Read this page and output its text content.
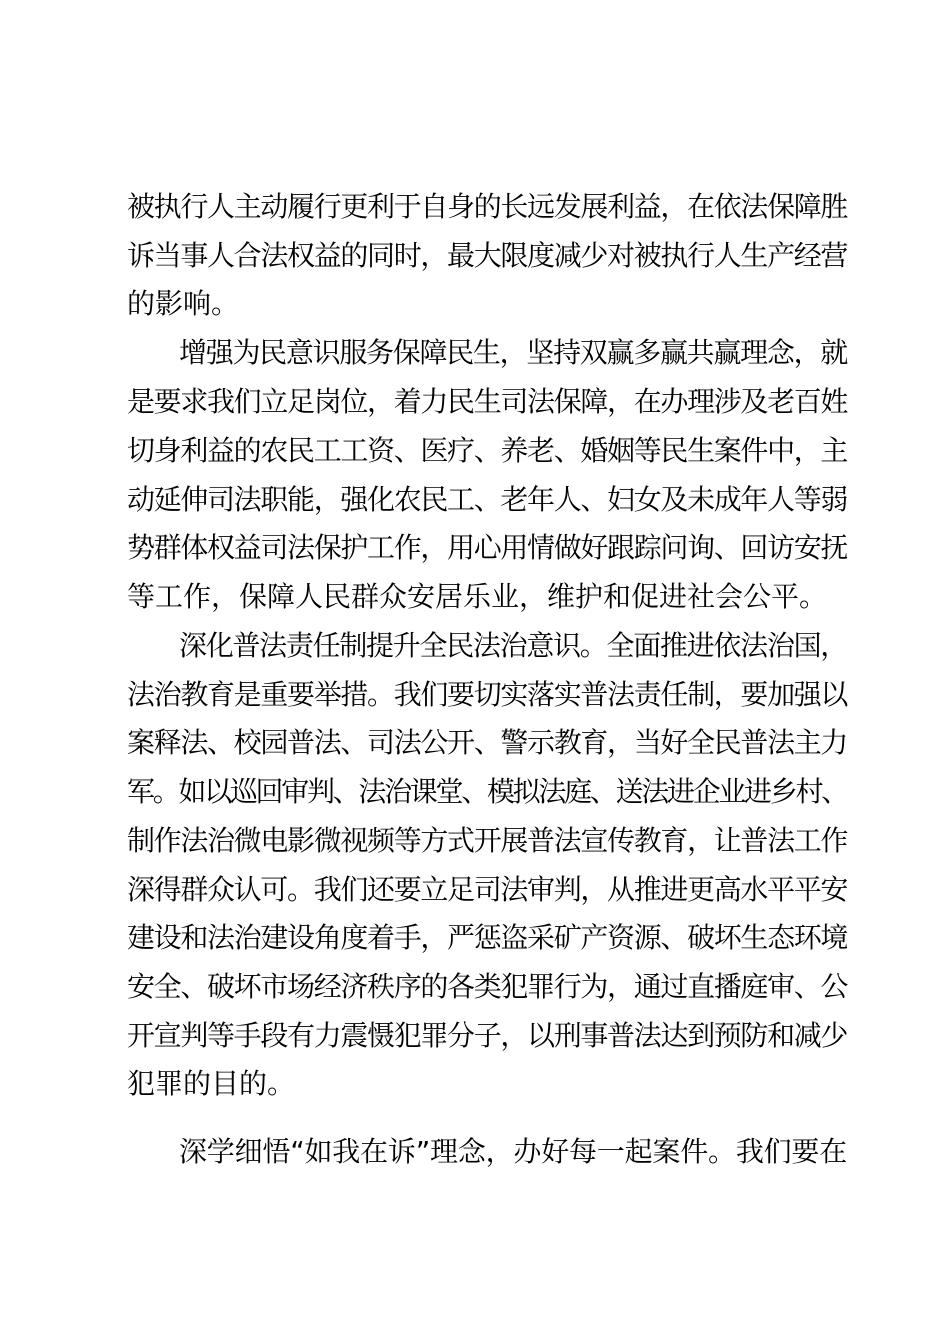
被执行人主动履行更利于自身的长远发展利益，在依法保障胜
诉当事人合法权益的同时，最大限度减少对被执行人生产经营
的影响。
增强为民意识服务保障民生，坚持双赢多赢共赢理念，就
是要求我们立足岗位，着力民生司法保障，在办理涉及老百姓
切身利益的农民工工资、医疗、养老、婚姻等民生案件中，主
动延伸司法职能，强化农民工、老年人、妇女及未成年人等弱
势群体权益司法保护工作，用心用情做好跟踪问询、回访安抚
等工作，保障人民群众安居乐业，维护和促进社会公平。
深化普法责任制提升全民法治意识。全面推进依法治国，
法治教育是重要举措。我们要切实落实普法责任制，要加强以
案释法、校园普法、司法公开、警示教育，当好全民普法主力
军。如以巡回审判、法治课堂、模拟法庭、送法进企业进乡村、
制作法治微电影微视频等方式开展普法宣传教育，让普法工作
深得群众认可。我们还要立足司法审判，从推进更高水平平安
建设和法治建设角度着手，严惩盗采矿产资源、破坏生态环境
安全、破坏市场经济秩序的各类犯罪行为，通过直播庭审、公
开宣判等手段有力震慑犯罪分子，以刑事普法达到预防和减少
犯罪的目的。
深学细悟“如我在诉”理念，办好每一起案件。我们要在
